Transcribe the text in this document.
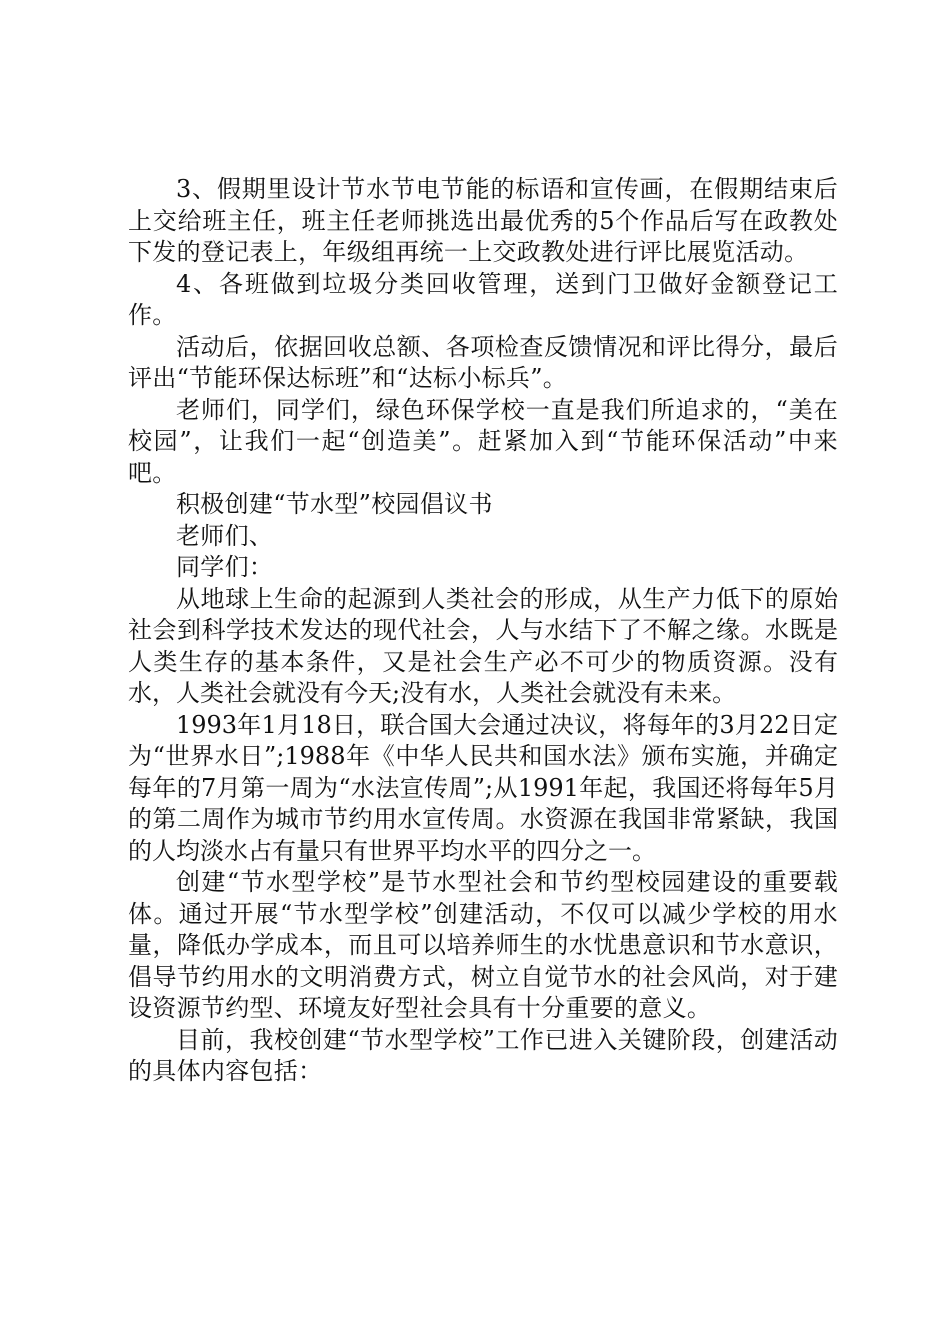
3、假期里设计节水节电节能的标语和宣传画，在假期结束后上交给班主任，班主任老师挑选出最优秀的5个作品后写在政教处下发的登记表上，年级组再统一上交政教处进行评比展览活动。

4、各班做到垃圾分类回收管理，送到门卫做好金额登记工作。

活动后，依据回收总额、各项检查反馈情况和评比得分，最后评出“节能环保达标班”和“达标小标兵”。

老师们，同学们，绿色环保学校一直是我们所追求的，“美在校园”，让我们一起“创造美”。赶紧加入到“节能环保活动”中来吧。

积极创建“节水型”校园倡议书

老师们、

同学们：

从地球上生命的起源到人类社会的形成，从生产力低下的原始社会到科学技术发达的现代社会，人与水结下了不解之缘。水既是人类生存的基本条件，又是社会生产必不可少的物质资源。没有水，人类社会就没有今天;没有水，人类社会就没有未来。

1993年1月18日，联合国大会通过决议，将每年的3月22日定为“世界水日”;1988年《中华人民共和国水法》颁布实施，并确定每年的7月第一周为“水法宣传周”;从1991年起，我国还将每年5月的第二周作为城市节约用水宣传周。水资源在我国非常紧缺，我国的人均淡水占有量只有世界平均水平的四分之一。

创建“节水型学校”是节水型社会和节约型校园建设的重要载体。通过开展“节水型学校”创建活动，不仅可以减少学校的用水量，降低办学成本，而且可以培养师生的水忧患意识和节水意识，倡导节约用水的文明消费方式，树立自觉节水的社会风尚，对于建设资源节约型、环境友好型社会具有十分重要的意义。

目前，我校创建“节水型学校”工作已进入关键阶段，创建活动的具体内容包括：
